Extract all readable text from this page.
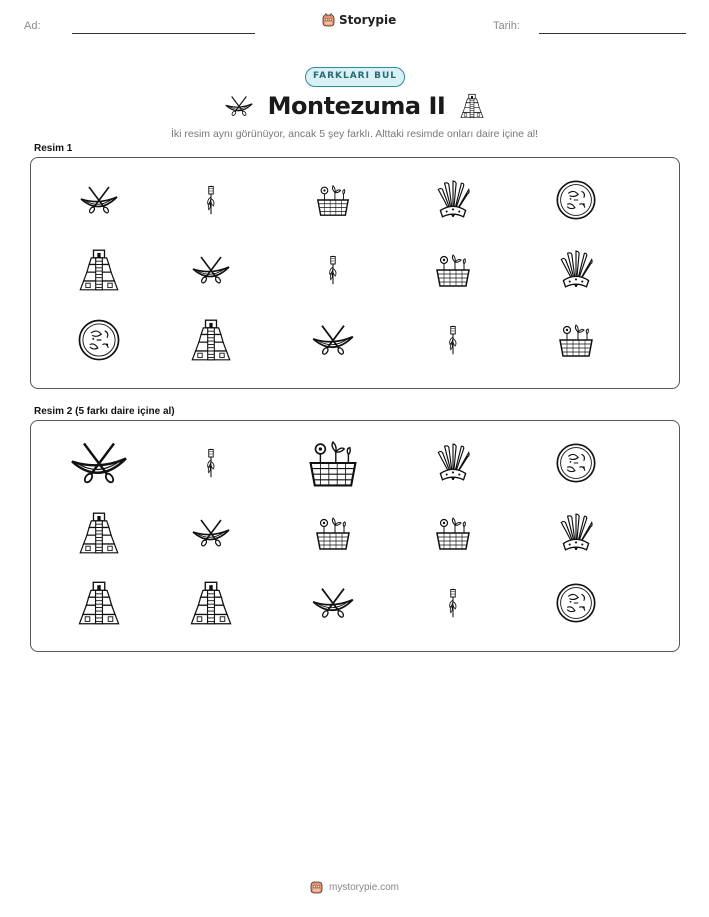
Ad:	Storypie	Tarih:
FARKLARI BUL
Montezuma II
İki resim aynı görünüyor, ancak 5 şey farklı. Alttaki resimde onları daire içine al!
Resim 1
Resim 2 (5 farkı daire içine al)
mystorypie.com
